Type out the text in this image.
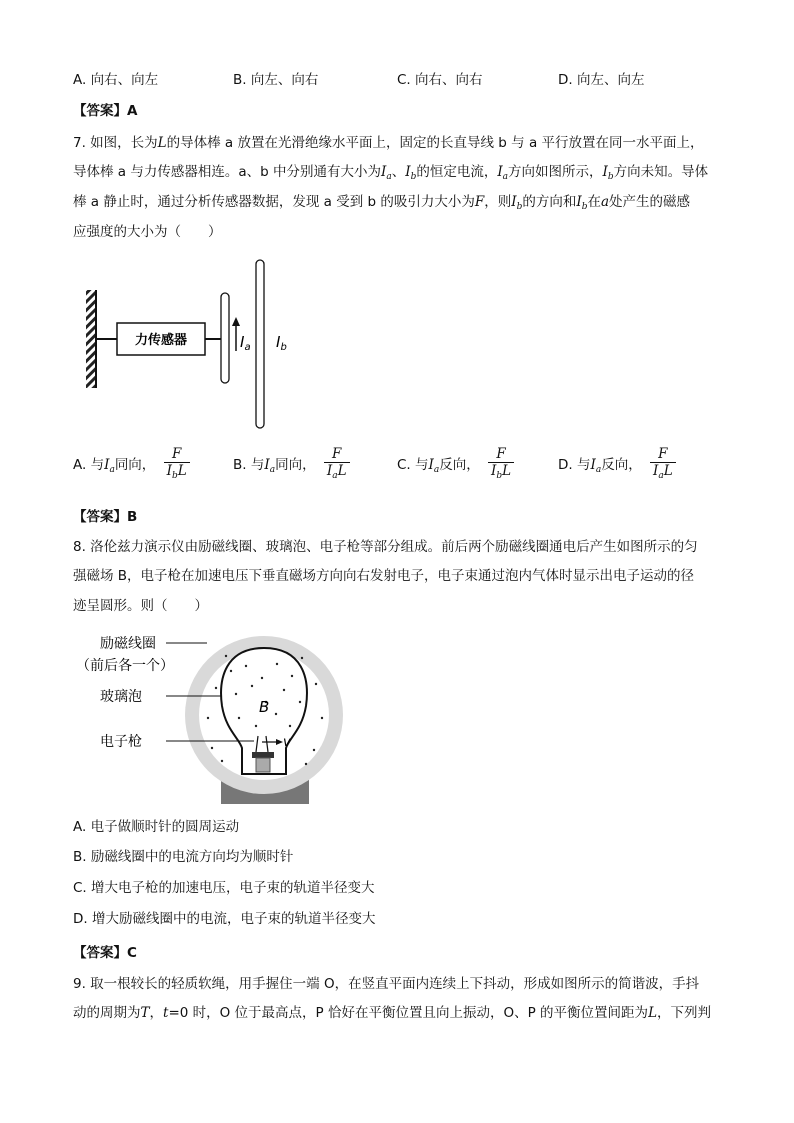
A. 向右、向左	B. 向左、向右	C. 向右、向右	D. 向左、向左
【答案】A
7. 如图，长为L的导体棒 a 放置在光滑绝缘水平面上，固定的长直导线 b 与 a 平行放置在同一水平面上，
导体棒 a 与力传感器相连。a、b 中分别通有大小为$I_a$、$I_b$的恒定电流，$I_a$方向如图所示，$I_b$方向未知。导体
棒 a 静止时，通过分析传感器数据，发现 a 受到 b 的吸引力大小为F，则$I_b$的方向和$I_b$在a处产生的磁感
应强度的大小为（　　）
力传感器	$I_a$ $I_b$
A. 与$I_a$同向， $\frac{F}{I_bL}$	B. 与$I_a$同向， $\frac{F}{I_aL}$	C. 与$I_a$反向， $\frac{F}{I_bL}$	D. 与$I_a$反向， $\frac{F}{I_aL}$
【答案】B
8. 洛伦兹力演示仪由励磁线圈、玻璃泡、电子枪等部分组成。前后两个励磁线圈通电后产生如图所示的匀
强磁场 B，电子枪在加速电压下垂直磁场方向向右发射电子，电子束通过泡内气体时显示出电子运动的径
迹呈圆形。则（　　）
B
v
励磁线圈
（前后各一个）
玻璃泡
电子枪
A. 电子做顺时针的圆周运动
B. 励磁线圈中的电流方向均为顺时针
C. 增大电子枪的加速电压，电子束的轨道半径变大
D. 增大励磁线圈中的电流，电子束的轨道半径变大
【答案】C
9. 取一根较长的轻质软绳，用手握住一端 O，在竖直平面内连续上下抖动，形成如图所示的简谐波，手抖
动的周期为T，t=0 时，O 位于最高点，P 恰好在平衡位置且向上振动，O、P 的平衡位置间距为L，下列判
